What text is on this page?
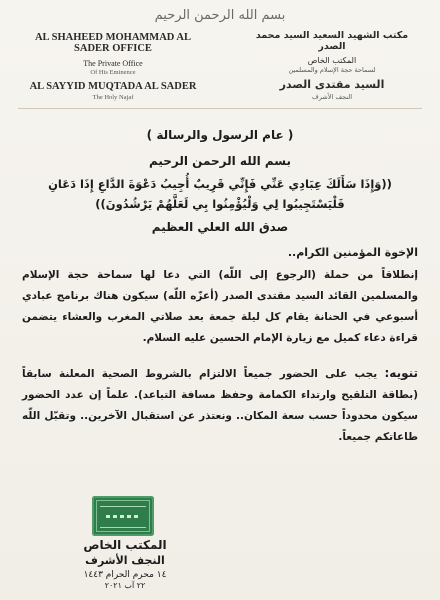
بسم الله الرحمن الرحيم
AL SHAHEED MOHAMMAD AL SADER OFFICE
The Private Office
Of His Eminence
AL SAYYID MUQTADA AL SADER
The Holy Najaf
مكتب الشهيد السعيد السيد محمد الصدر
المكتب الخاص
لسماحة حجة الإسلام والمسلمين
السيد مقتدى الصدر
النجف الأشرف
( عام الرسول والرسالة )
بسم الله الرحمن الرحيم
((وَإِذَا سَأَلَكَ عِبَادِي عَنِّي فَإِنِّي قَرِيبٌ أُجِيبُ دَعْوَةَ الدَّاعِ إِذَا دَعَانِ فَلْيَسْتَجِيبُوا لِي وَلْيُؤْمِنُوا بِي لَعَلَّهُمْ يَرْشُدُونَ))
صدق الله العلي العظيم
الإخوة المؤمنين الكرام..
إنطلاقاً من حملة (الرجوع إلى اللّه) التي دعا لها سماحة حجة الإسلام والمسلمين القائد السيد مقتدى الصدر (أعزّه اللّه) سيكون هناك برنامج عبادي أسبوعي في الحنانة يقام كل ليلة جمعة بعد صلاتي المغرب والعشاء يتضمن قراءة دعاء كميل مع زيارة الإمام الحسين عليه السلام.
تنويه: يجب على الحضور جميعاً الالتزام بالشروط الصحية المعلنة سابقاً (بطاقة التلقيح وارتداء الكمامة وحفظ مسافة التباعد). علماً إن عدد الحضور سيكون محدوداً حسب سعة المكان.. ونعتذر عن استقبال الآخرين.. وتقبّل اللّه طاعاتكم جميعاً.
المكتب الخاص
النجف الأشرف
١٤ محرم الحرام ١٤٤٣
٢٢ آب ٢٠٢١
